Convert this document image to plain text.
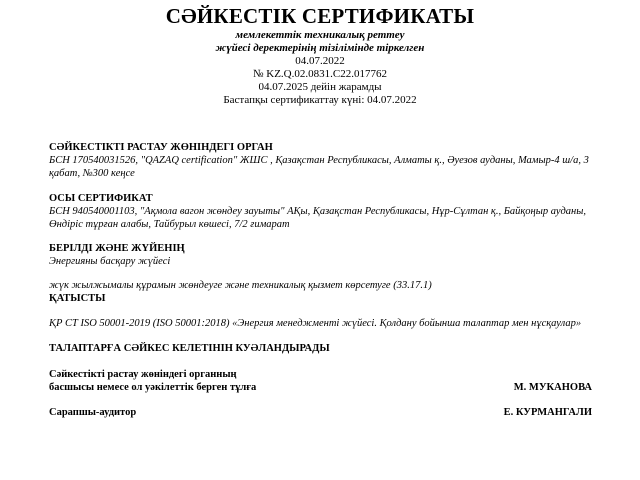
СӘЙКЕСТІК СЕРТИФИКАТЫ
мемлекеттік техникалық реттеу
жүйесі деректерінің тізілімінде тіркелген
04.07.2022
№ KZ.Q.02.0831.C22.017762
04.07.2025 дейін жарамды
Бастапқы сертификаттау күні: 04.07.2022
СӘЙКЕСТІКТІ РАСТАУ ЖӨНІНДЕГІ ОРГАН
БСН 170540031526, "QAZAQ certification" ЖШС , Қазақстан Республикасы, Алматы қ., Әуезов ауданы, Мамыр-4 ш/а, 3 қабат, №300 кеңсе
ОСЫ СЕРТИФИКАТ
БСН 940540001103, "Ақмола вагон жөндеу зауыты" АҚы, Қазақстан Республикасы, Нұр-Сұлтан қ., Байқоңыр ауданы, Өндіріс тұрған алабы, Тайбурыл көшесі, 7/2 ғимарат
БЕРІЛДІ ЖӘНЕ ЖҮЙЕНІҢ
Энергияны басқару жүйесі
жүк жылжымалы құрамын жөндеуге және техникалық қызмет көрсетуге (33.17.1)
ҚАТЫСТЫ
ҚР СТ ISO 50001-2019 (ISO 50001:2018) «Энергия менеджменті жүйесі. Қолдану бойынша талаптар мен нұсқаулар»
ТАЛАПТАРҒА СӘЙКЕС КЕЛЕТІНІН КУӘЛАНДЫРАДЫ
Сәйкестікті растау жөніндегі органның
басшысы немесе ол уәкілеттік берген тұлға	М. МУКАНОВА
Сарапшы-аудитор	Е. КУРМАНГАЛИ
